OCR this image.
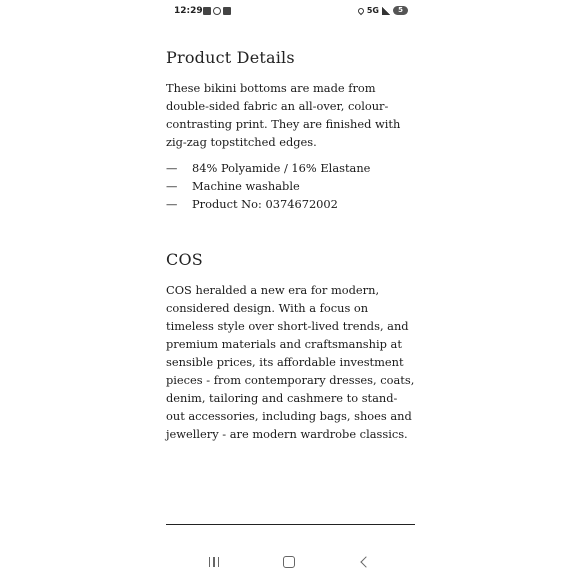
12:29	5G	5
Product Details

These bikini bottoms are made from double-sided fabric an all-over, colour-contrasting print. They are finished with zig-zag topstitched edges.

—	84% Polyamide / 16% Elastane
—	Machine washable
—	Product No: 0374672002
COS

COS heralded a new era for modern, considered design. With a focus on timeless style over short-lived trends, and premium materials and craftsmanship at sensible prices, its affordable investment pieces - from contemporary dresses, coats, denim, tailoring and cashmere to stand-out accessories, including bags, shoes and jewellery - are modern wardrobe classics.
